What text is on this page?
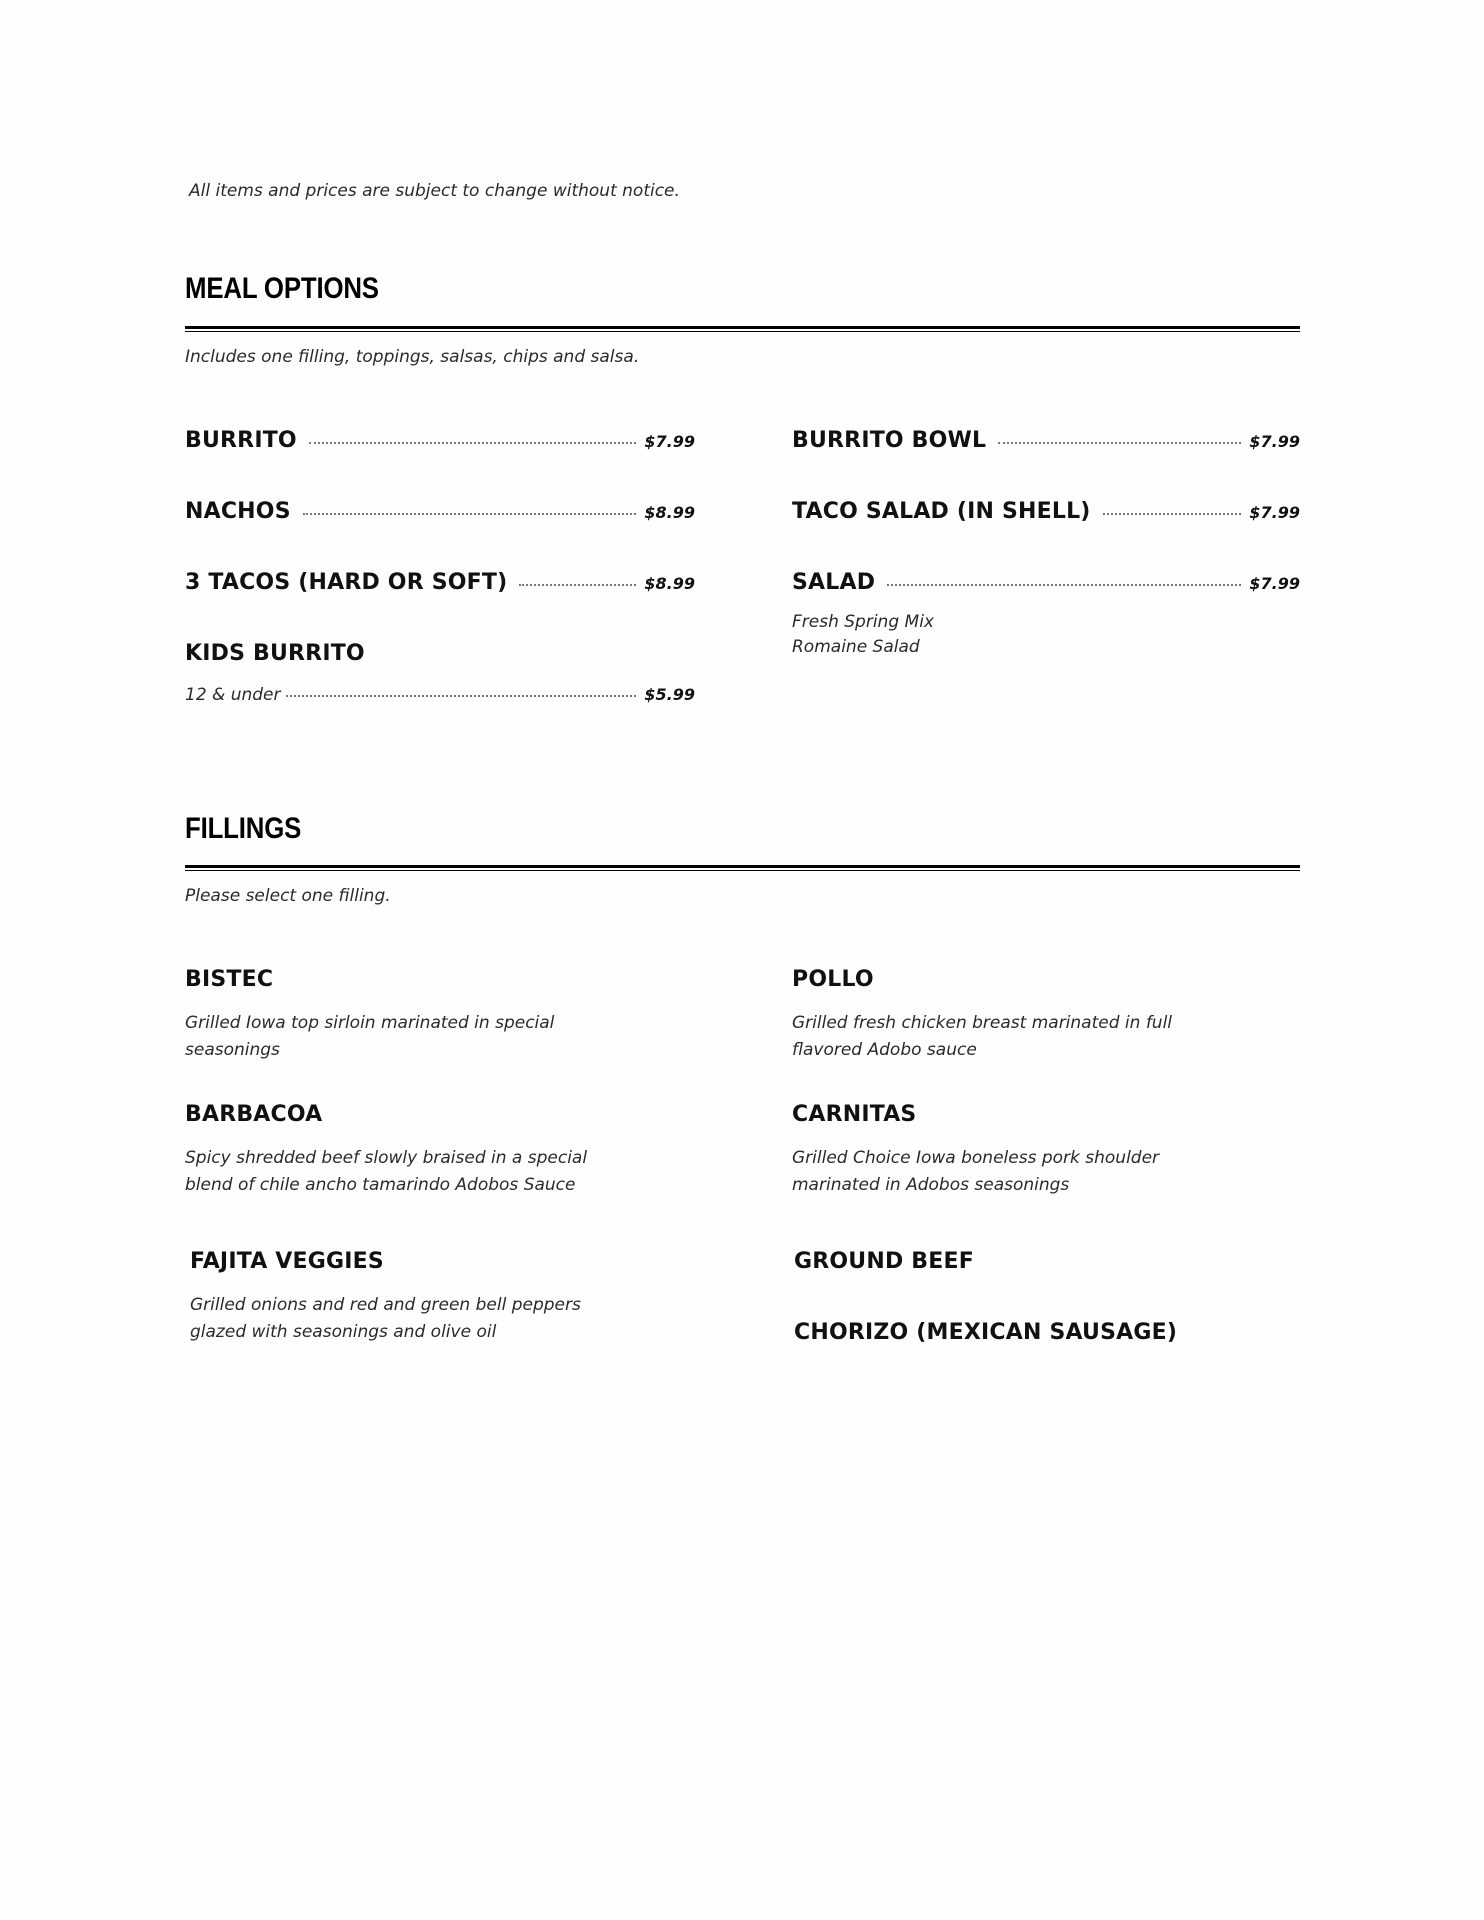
All items and prices are subject to change without notice.
MEAL OPTIONS
Includes one filling, toppings, salsas, chips and salsa.
BURRITO	$7.99
NACHOS	$8.99
3 TACOS (HARD OR SOFT)	$8.99
KIDS BURRITO
12 & under	$5.99
BURRITO BOWL	$7.99
TACO SALAD (IN SHELL)	$7.99
SALAD	$7.99
Fresh Spring Mix
Romaine Salad
FILLINGS
Please select one filling.
BISTEC
Grilled Iowa top sirloin marinated in special seasonings
POLLO
Grilled fresh chicken breast marinated in full flavored Adobo sauce
BARBACOA
Spicy shredded beef slowly braised in a special blend of chile ancho tamarindo Adobos Sauce
CARNITAS
Grilled Choice Iowa boneless pork shoulder marinated in Adobos seasonings
FAJITA VEGGIES
Grilled onions and red and green bell peppers glazed with seasonings and olive oil
GROUND BEEF
CHORIZO (MEXICAN SAUSAGE)
